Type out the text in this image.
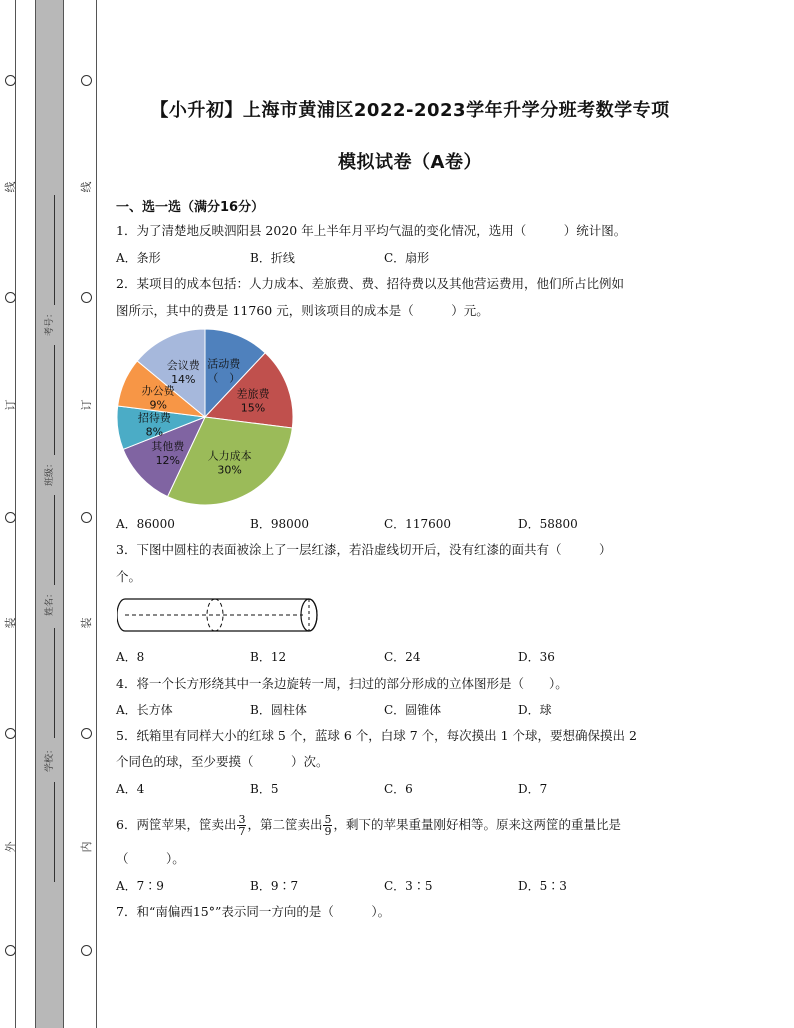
线
订
装
外
线
订
装
内
考号：
班级：
姓名：
学校：
【小升初】上海市黄浦区2022-2023学年升学分班考数学专项
模拟试卷（A卷）
一、选一选（满分16分）
1．为了清楚地反映泗阳县 2020 年上半年月平均气温的变化情况，选用（　　　）统计图。
A．条形	B．折线	C．扇形
2．某项目的成本包括：人力成本、差旅费、费、招待费以及其他营运费用，他们所占比例如
图所示，其中的费是 11760 元，则该项目的成本是（　　　）元。
活动费
（　）
差旅费
15%
人力成本
30%
其他费
12%
招待费
8%
办公费
9%
会议费
14%
A．86000	B．98000	C．117600	D．58800
3．下图中圆柱的表面被涂上了一层红漆，若沿虚线切开后，没有红漆的面共有（　　　）
个。
A．8	B．12	C．24	D．36
4．将一个长方形绕其中一条边旋转一周，扫过的部分形成的立体图形是（　　）。
A．长方体	B．圆柱体	C．圆锥体	D．球
5．纸箱里有同样大小的红球 5 个，蓝球 6 个，白球 7 个，每次摸出 1 个球，要想确保摸出 2
个同色的球，至少要摸（　　　）次。
A．4	B．5	C．6	D．7
6．两筐苹果，筐卖出 $\frac{3}{7}$ ，第二筐卖出 $\frac{5}{9}$ ，剩下的苹果重量刚好相等。原来这两筐的重量比是
（　　　）。
A．7∶9	B．9∶7	C．3∶5	D．5∶3
7．和“南偏西15°”表示同一方向的是（　　　）。
